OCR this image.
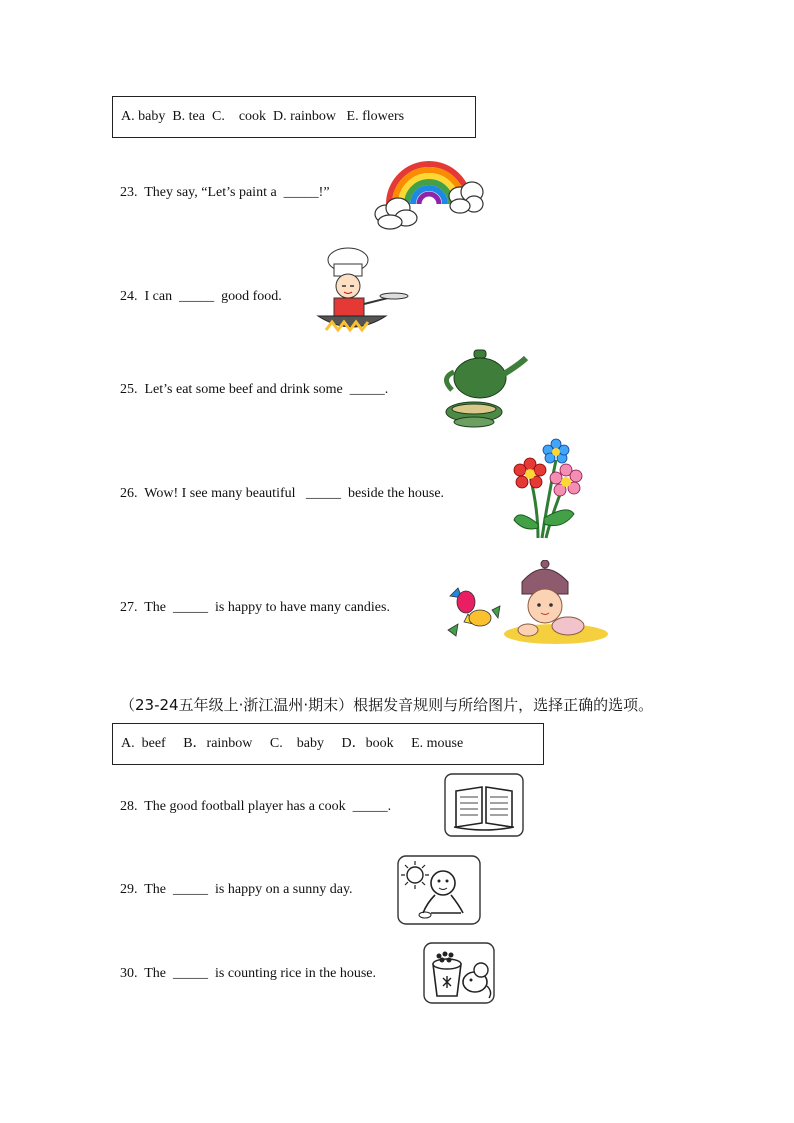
A. baby  B. tea  C.    cook  D. rainbow   E. flowers
23.  They say, “Let’s paint a  _____!”
24.  I can  _____  good food.
25.  Let’s eat some beef and drink some  _____.
26.  Wow! I see many beautiful   _____  beside the house.
27.  The  _____  is happy to have many candies.
（23-24五年级上·浙江温州·期末）根据发音规则与所给图片，选择正确的选项。
A.  beef     B．rainbow     C.    baby     D．book     E. mouse
28.  The good football player has a cook  _____.
29.  The  _____  is happy on a sunny day.
30.  The  _____  is counting rice in the house.
